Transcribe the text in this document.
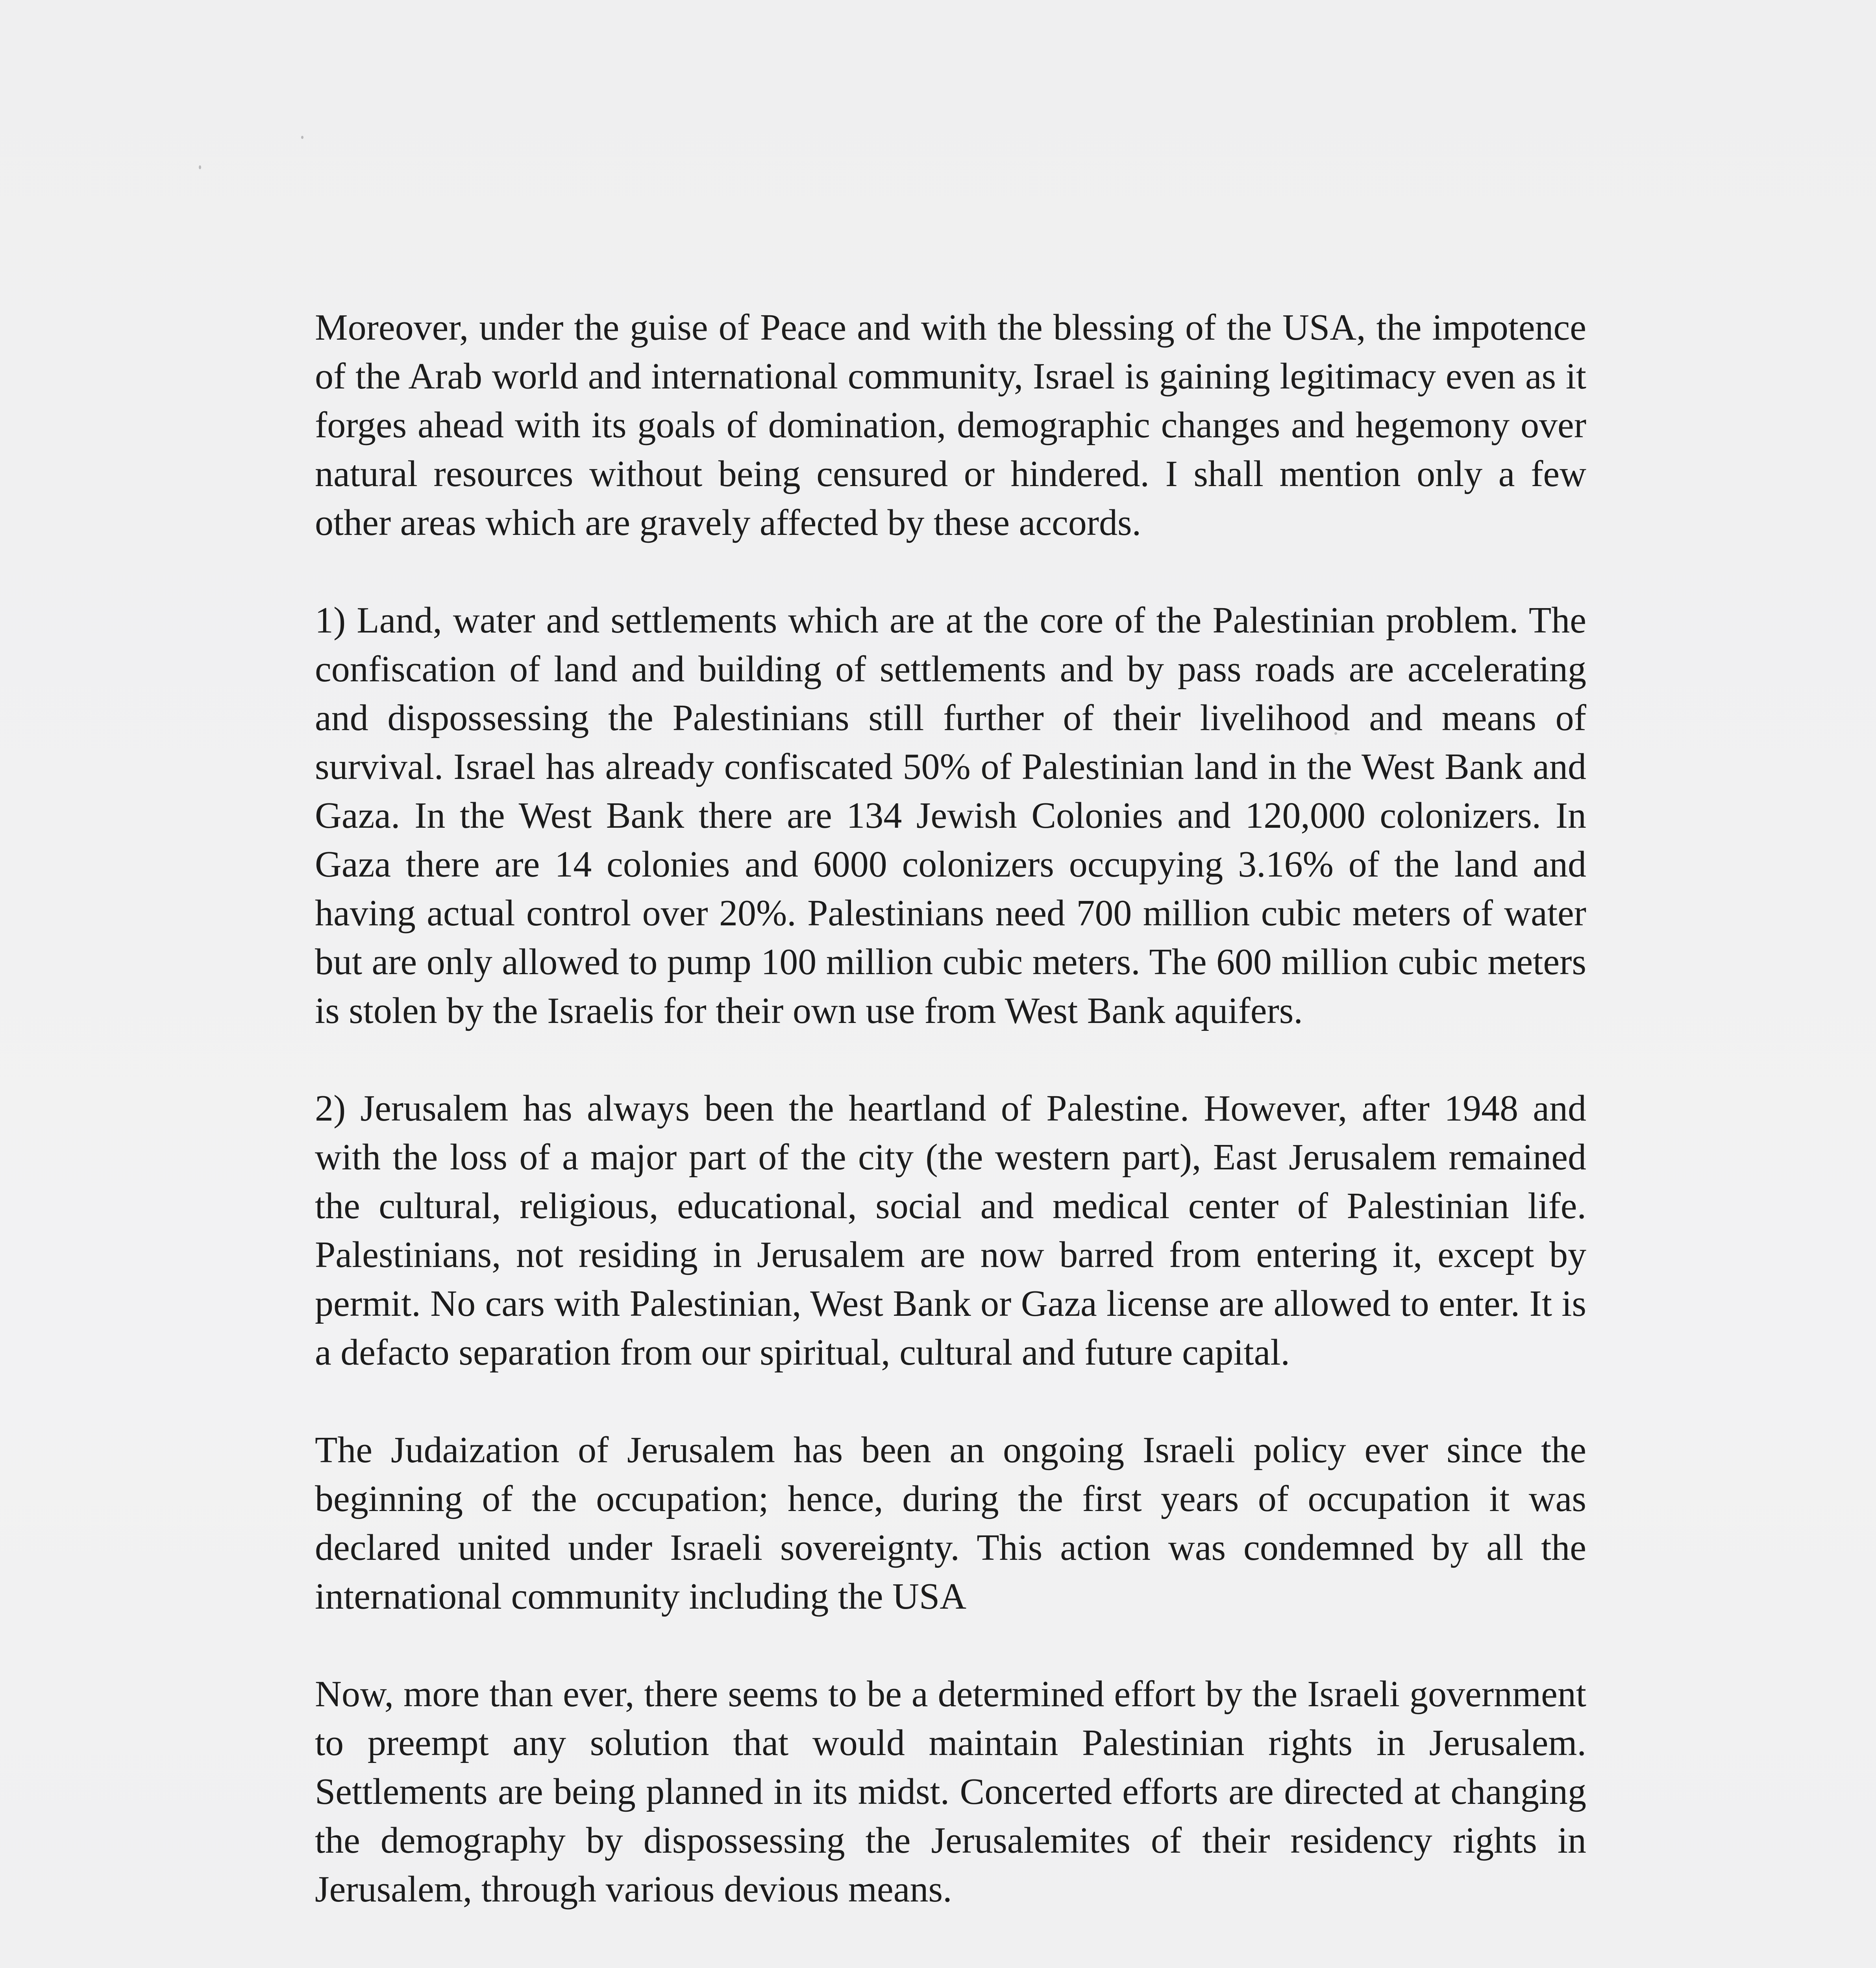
Moreover, under the guise of Peace and with the blessing of the USA, the impotence of the Arab world and international community, Israel is gaining legitimacy even as it forges ahead with its goals of domination, demographic changes and hegemony over natural resources without being censured or hindered. I shall mention only a few other areas which are gravely affected by these accords.

1) Land, water and settlements which are at the core of the Palestinian problem. The confiscation of land and building of settlements and by pass roads are accelerating and dispossessing the Palestinians still further of their livelihood and means of survival. Israel has already confiscated 50% of Palestinian land in the West Bank and Gaza. In the West Bank there are 134 Jewish Colonies and 120,000 colonizers. In Gaza there are 14 colonies and 6000 colonizers occupying 3.16% of the land and having actual control over 20%. Palestinians need 700 million cubic meters of water but are only allowed to pump 100 million cubic meters. The 600 million cubic meters is stolen by the Israelis for their own use from West Bank aquifers.

2) Jerusalem has always been the heartland of Palestine. However, after 1948 and with the loss of a major part of the city (the western part), East Jerusalem remained the cultural, religious, educational, social and medical center of Palestinian life. Palestinians, not residing in Jerusalem are now barred from entering it, except by permit. No cars with Palestinian, West Bank or Gaza license are allowed to enter. It is a defacto separation from our spiritual, cultural and future capital.

The Judaization of Jerusalem has been an ongoing Israeli policy ever since the beginning of the occupation; hence, during the first years of occupation it was declared united under Israeli sovereignty. This action was condemned by all the international community including the USA

Now, more than ever, there seems to be a determined effort by the Israeli government to preempt any solution that would maintain Palestinian rights in Jerusalem. Settlements are being planned in its midst. Concerted efforts are directed at changing the demography by dispossessing the Jerusalemites of their residency rights in Jerusalem, through various devious means.
